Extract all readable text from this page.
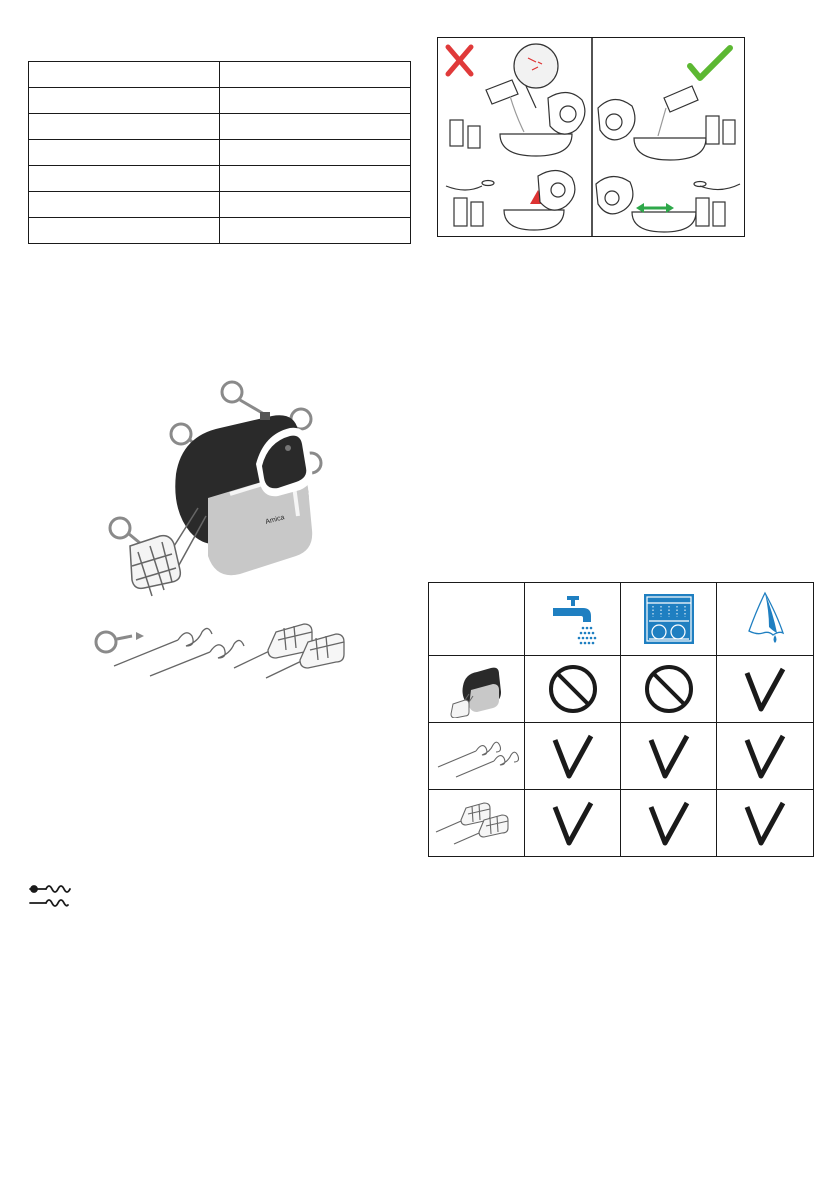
Amica
